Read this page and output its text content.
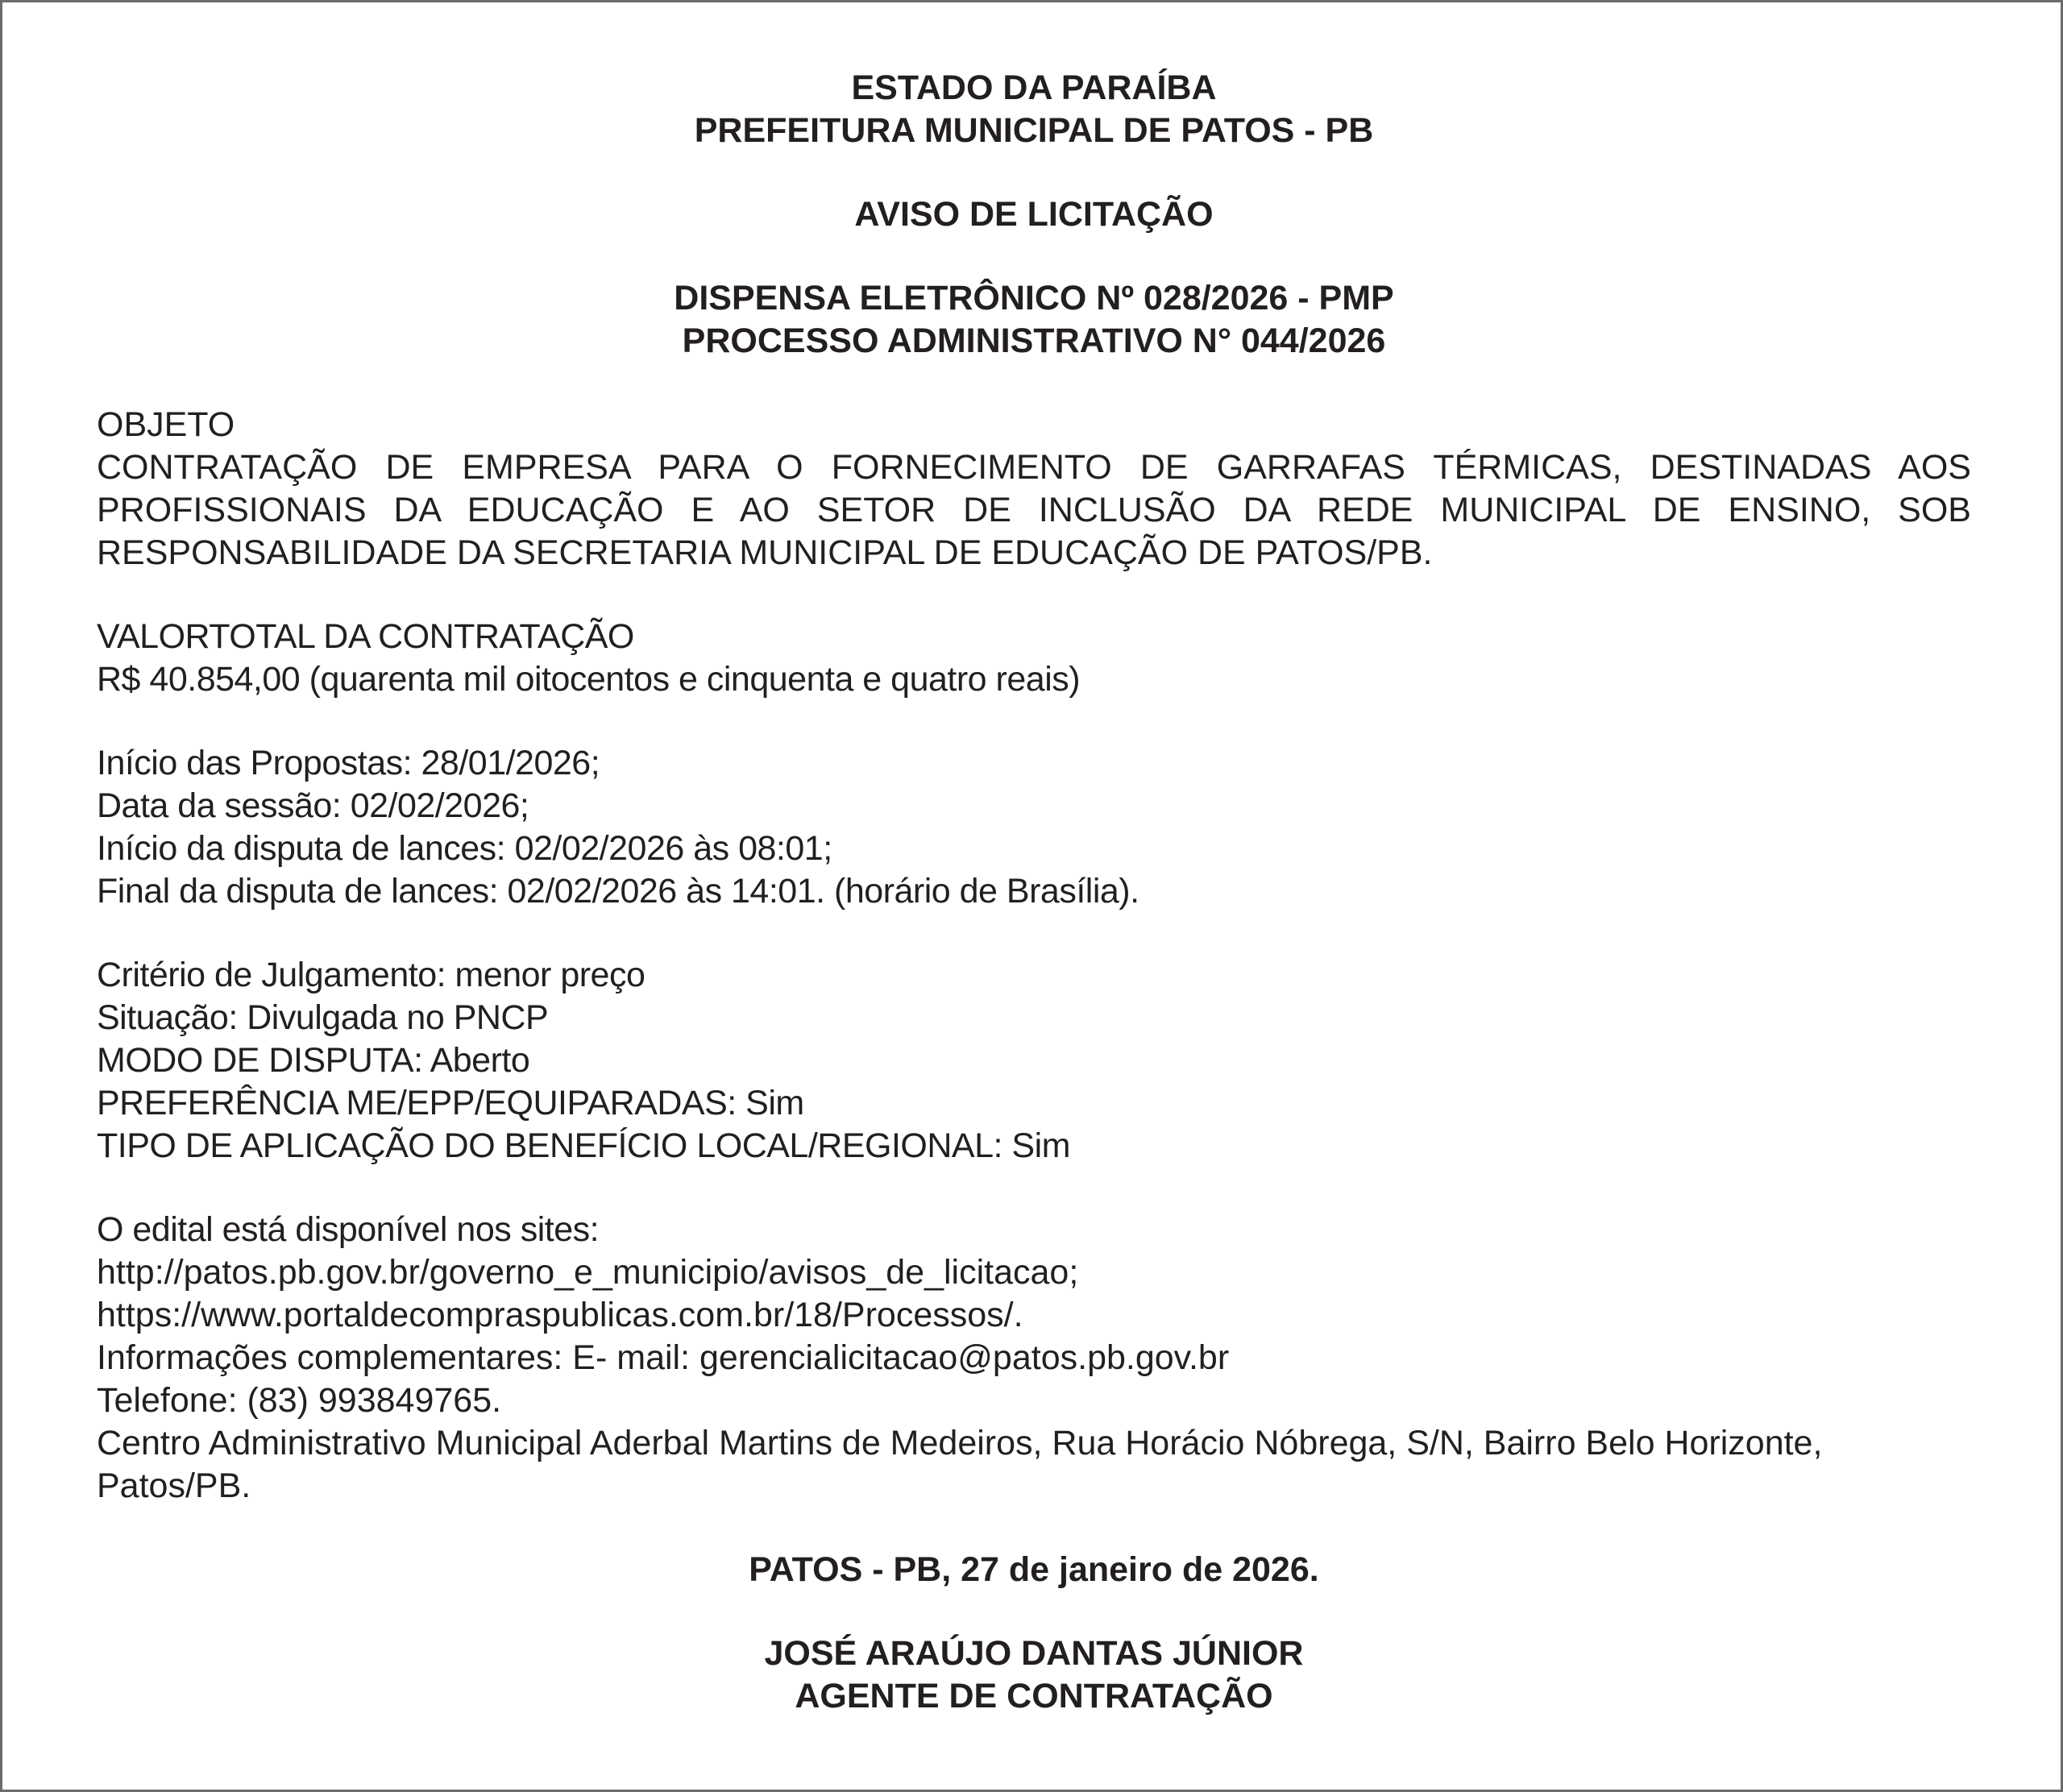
ESTADO DA PARAÍBA
PREFEITURA MUNICIPAL DE PATOS - PB
AVISO DE LICITAÇÃO
DISPENSA ELETRÔNICO Nº 028/2026 - PMP
PROCESSO ADMINISTRATIVO N° 044/2026
OBJETO
CONTRATAÇÃO DE EMPRESA PARA O FORNECIMENTO DE GARRAFAS TÉRMICAS, DESTINADAS AOS PROFISSIONAIS DA EDUCAÇÃO E AO SETOR DE INCLUSÃO DA REDE MUNICIPAL DE ENSINO, SOB RESPONSABILIDADE DA SECRETARIA MUNICIPAL DE EDUCAÇÃO DE PATOS/PB.
VALORTOTAL DA CONTRATAÇÃO
R$ 40.854,00 (quarenta mil oitocentos e cinquenta e quatro reais)
Início das Propostas: 28/01/2026;
Data da sessão: 02/02/2026;
Início da disputa de lances: 02/02/2026 às 08:01;
Final da disputa de lances: 02/02/2026 às 14:01. (horário de Brasília).
Critério de Julgamento: menor preço
Situação: Divulgada no PNCP
MODO DE DISPUTA: Aberto
PREFERÊNCIA ME/EPP/EQUIPARADAS: Sim
TIPO DE APLICAÇÃO DO BENEFÍCIO LOCAL/REGIONAL: Sim
O edital está disponível nos sites:
http://patos.pb.gov.br/governo_e_municipio/avisos_de_licitacao;
https://www.portaldecompraspublicas.com.br/18/Processos/.
Informações complementares: E- mail: gerencialicitacao@patos.pb.gov.br
Telefone: (83) 993849765.
Centro Administrativo Municipal Aderbal Martins de Medeiros, Rua Horácio Nóbrega, S/N, Bairro Belo Horizonte, Patos/PB.
PATOS - PB, 27 de janeiro de 2026.
JOSÉ ARAÚJO DANTAS JÚNIOR
AGENTE DE CONTRATAÇÃO
